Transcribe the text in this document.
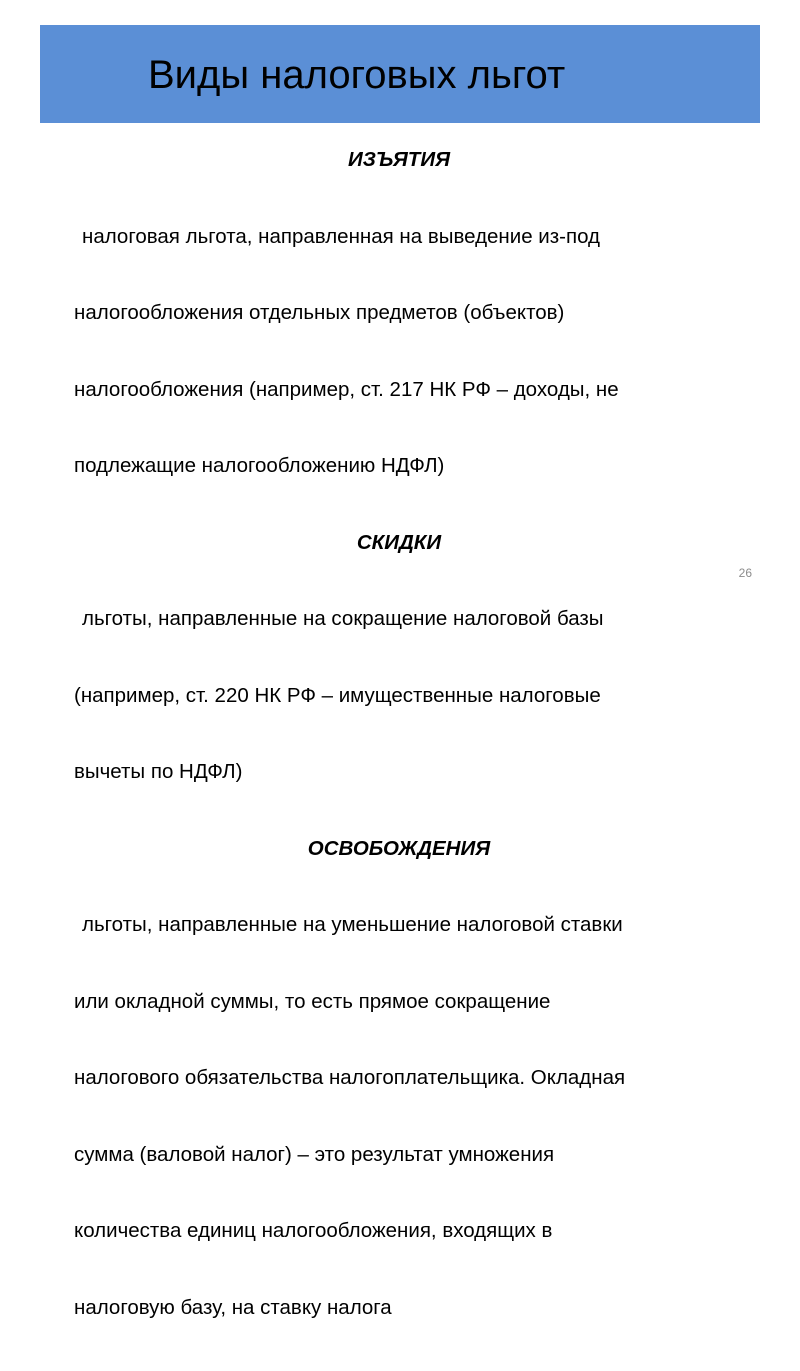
Виды налоговых льгот
ИЗЪЯТИЯ

налоговая льгота, направленная на выведение из-под

налогообложения отдельных предметов (объектов)

налогообложения (например, ст. 217 НК РФ – доходы, не

подлежащие налогообложению НДФЛ)

СКИДКИ

льготы, направленные на сокращение налоговой базы

(например, ст. 220 НК РФ – имущественные налоговые

вычеты по НДФЛ)

ОСВОБОЖДЕНИЯ

льготы, направленные на уменьшение налоговой ставки

или окладной суммы, то есть прямое сокращение

налогового обязательства налогоплательщика. Окладная

сумма (валовой налог) – это результат умножения

количества единиц налогообложения, входящих в

налоговую базу, на ставку налога

26
